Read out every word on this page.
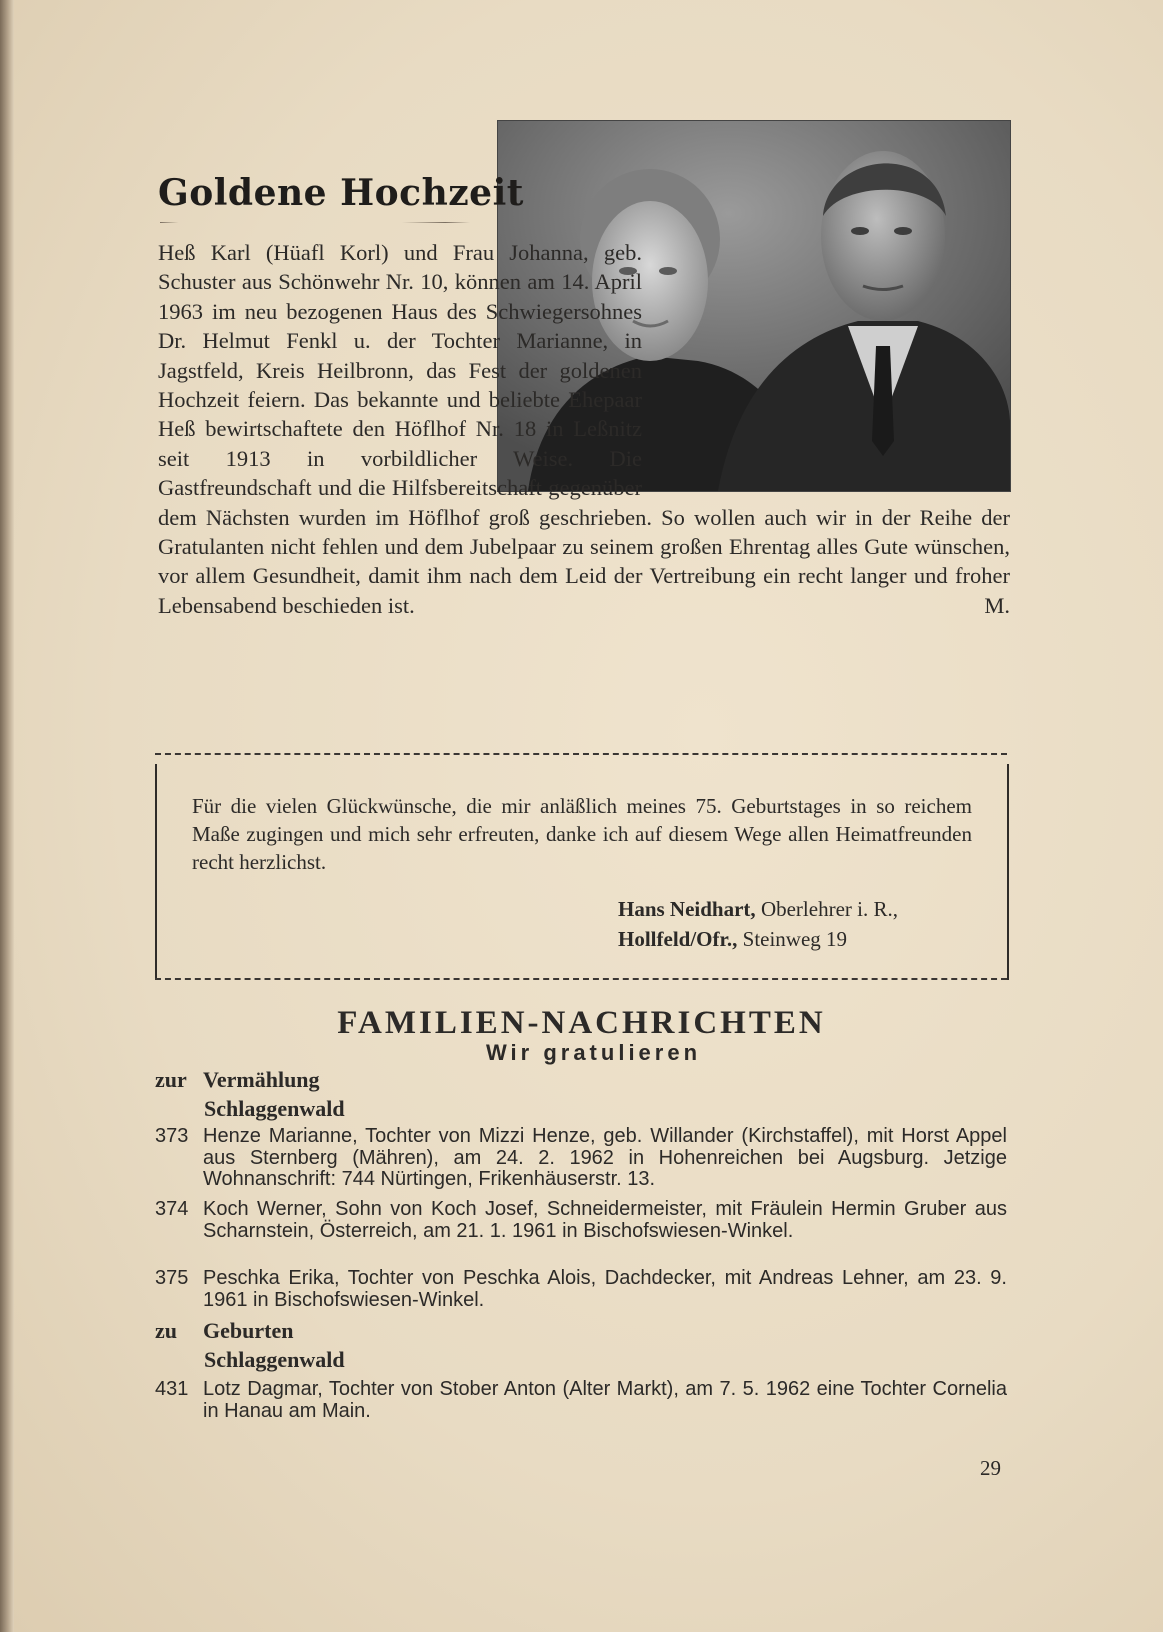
Goldene Hochzeit
Heß Karl (Hüafl Korl) und Frau Johanna, geb. Schuster aus Schönwehr Nr. 10, können am 14. April 1963 im neu bezogenen Haus des Schwiegersohnes Dr. Helmut Fenkl u. der Tochter Marianne, in Jagstfeld, Kreis Heilbronn, das Fest der goldenen Hochzeit feiern. Das bekannte und beliebte Ehepaar Heß bewirtschaftete den Höflhof Nr. 18 in Leßnitz seit 1913 in vorbildlicher Weise. Die Gastfreundschaft und die Hilfsbereitschaft gegenüber dem Nächsten wurden im Höflhof groß geschrieben. So wollen auch wir in der Reihe der Gratulanten nicht fehlen und dem Jubelpaar zu seinem großen Ehrentag alles Gute wünschen, vor allem Gesundheit, damit ihm nach dem Leid der Vertreibung ein recht langer und froher Lebensabend beschieden ist.	M.
Für die vielen Glückwünsche, die mir anläßlich meines 75. Geburtstages in so reichem Maße zugingen und mich sehr erfreuten, danke ich auf diesem Wege allen Heimatfreunden recht herzlichst.
Hans Neidhart, Oberlehrer i. R.,
Hollfeld/Ofr., Steinweg 19
FAMILIEN-NACHRICHTEN
Wir gratulieren
zur Vermählung
Schlaggenwald
373 Henze Marianne, Tochter von Mizzi Henze, geb. Willander (Kirchstaffel), mit Horst Appel aus Sternberg (Mähren), am 24. 2. 1962 in Hohenreichen bei Augsburg. Jetzige Wohnanschrift: 744 Nürtingen, Frikenhäuserstr. 13.
374 Koch Werner, Sohn von Koch Josef, Schneidermeister, mit Fräulein Hermin Gruber aus Scharnstein, Österreich, am 21. 1. 1961 in Bischofswiesen-Winkel.
375 Peschka Erika, Tochter von Peschka Alois, Dachdecker, mit Andreas Lehner, am 23. 9. 1961 in Bischofswiesen-Winkel.
zu Geburten
Schlaggenwald
431 Lotz Dagmar, Tochter von Stober Anton (Alter Markt), am 7. 5. 1962 eine Tochter Cornelia in Hanau am Main.
29
